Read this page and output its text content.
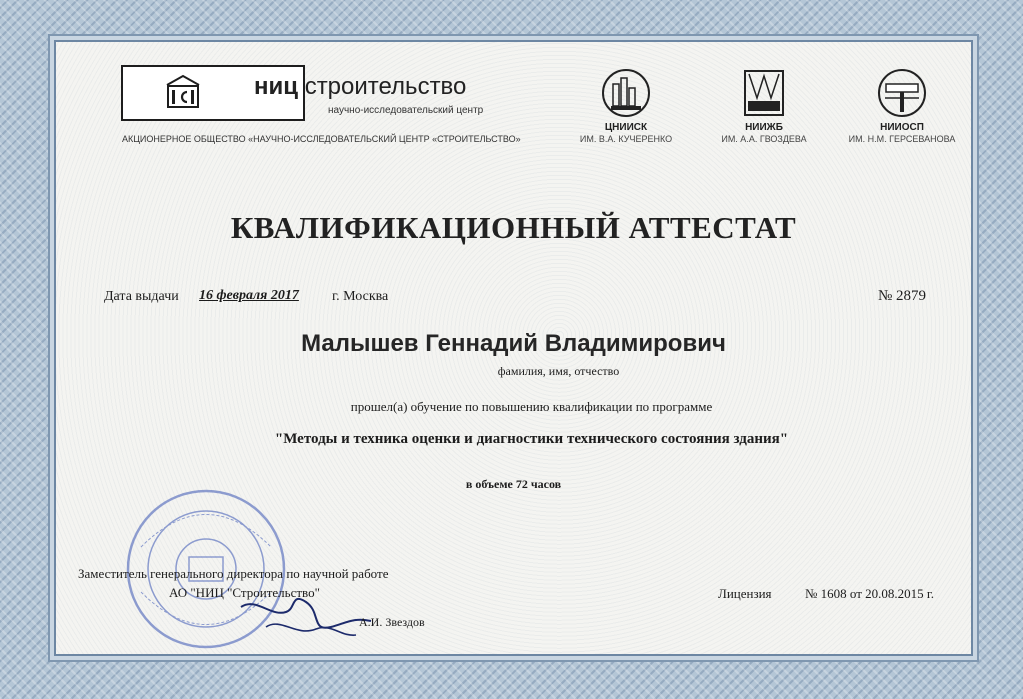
ниц строительство
научно-исследовательский центр
АКЦИОНЕРНОЕ ОБЩЕСТВО «НАУЧНО-ИССЛЕДОВАТЕЛЬСКИЙ ЦЕНТР «СТРОИТЕЛЬСТВО»
ЦНИИСК
ИМ. В.А. КУЧЕРЕНКО
НИИЖБ
ИМ. А.А. ГВОЗДЕВА
НИИОСП
ИМ. Н.М. ГЕРСЕВАНОВА
КВАЛИФИКАЦИОННЫЙ АТТЕСТАТ
Дата выдачи 16 февраля 2017 г. Москва	№ 2879
Малышев Геннадий Владимирович
фамилия, имя, отчество
прошел(а) обучение по повышению квалификации по программе
"Методы и техника оценки и диагностики технического состояния здания"
в объеме 72 часов
Заместитель генерального директора по научной работе
АО "НИЦ "Строительство"
А.И. Звездов
Лицензия	№ 1608 от 20.08.2015 г.
